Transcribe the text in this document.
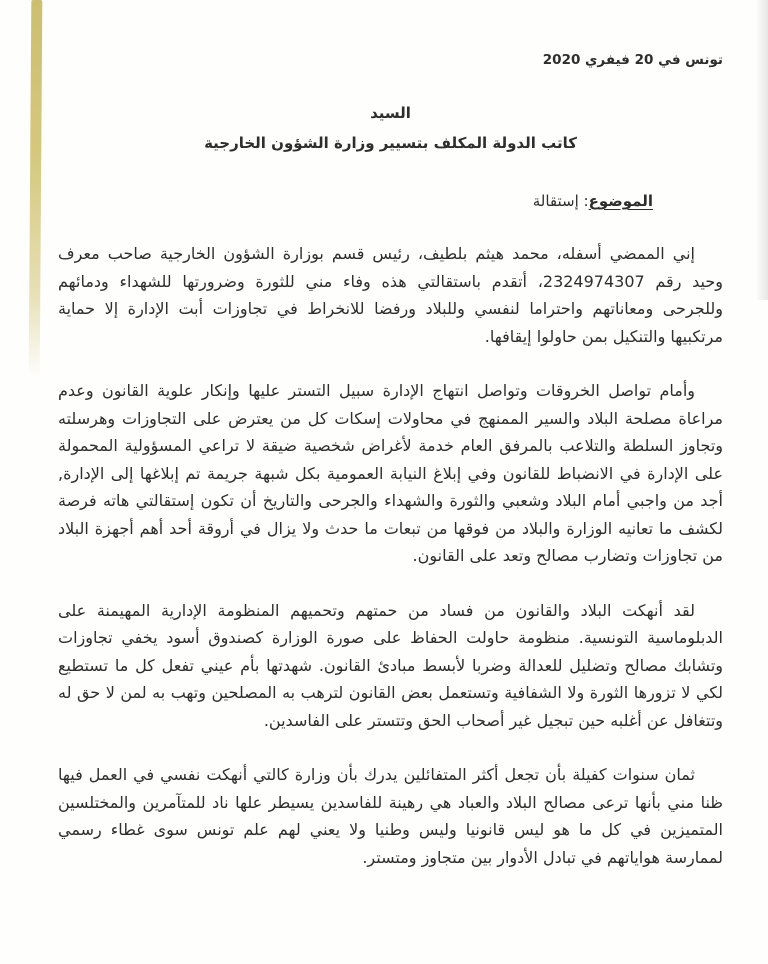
تونس في 20 فيفري 2020
السيد
كاتب الدولة المكلف بتسيير وزارة الشؤون الخارجية
الموضوع: إستقالة

إني الممضي أسفله، محمد هيثم بلطيف، رئيس قسم بوزارة الشؤون الخارجية صاحب معرف وحيد رقم 2324974307، أتقدم باستقالتي هذه وفاء مني للثورة وضرورتها للشهداء ودمائهم وللجرحى ومعاناتهم واحتراما لنفسي وللبلاد ورفضا للانخراط في تجاوزات أبت الإدارة إلا حماية مرتكبيها والتنكيل بمن حاولوا إيقافها.

وأمام تواصل الخروقات وتواصل انتهاج الإدارة سبيل التستر عليها وإنكار علوية القانون وعدم مراعاة مصلحة البلاد والسير الممنهج في محاولات إسكات كل من يعترض على التجاوزات وهرسلته وتجاوز السلطة والتلاعب بالمرفق العام خدمة لأغراض شخصية ضيقة لا تراعي المسؤولية المحمولة على الإدارة في الانضباط للقانون وفي إبلاغ النيابة العمومية بكل شبهة جريمة تم إبلاغها إلى الإدارة, أجد من واجبي أمام البلاد وشعبي والثورة والشهداء والجرحى والتاريخ أن تكون إستقالتي هاته فرصة لكشف ما تعانيه الوزارة والبلاد من فوقها من تبعات ما حدث ولا يزال في أروقة أحد أهم أجهزة البلاد من تجاوزات وتضارب مصالح وتعد على القانون.

لقد أنهكت البلاد والقانون من فساد من حمتهم وتحميهم المنظومة الإدارية المهيمنة على الدبلوماسية التونسية. منظومة حاولت الحفاظ على صورة الوزارة كصندوق أسود يخفي تجاوزات وتشابك مصالح وتضليل للعدالة وضربا لأبسط مبادئ القانون. شهدتها بأم عيني تفعل كل ما تستطيع لكي لا تزورها الثورة ولا الشفافية وتستعمل بعض القانون لترهب به المصلحين وتهب به لمن لا حق له وتتغافل عن أغلبه حين تبجيل غير أصحاب الحق وتتستر على الفاسدين.

ثمان سنوات كفيلة بأن تجعل أكثر المتفائلين يدرك بأن وزارة كالتي أنهكت نفسي في العمل فيها ظنا مني بأنها ترعى مصالح البلاد والعباد هي رهينة للفاسدين يسيطر علها ناد للمتآمرين والمختلسين المتميزين في كل ما هو ليس قانونيا وليس وطنيا ولا يعني لهم علم تونس سوى غطاء رسمي لممارسة هواياتهم في تبادل الأدوار بين متجاوز ومتستر.
